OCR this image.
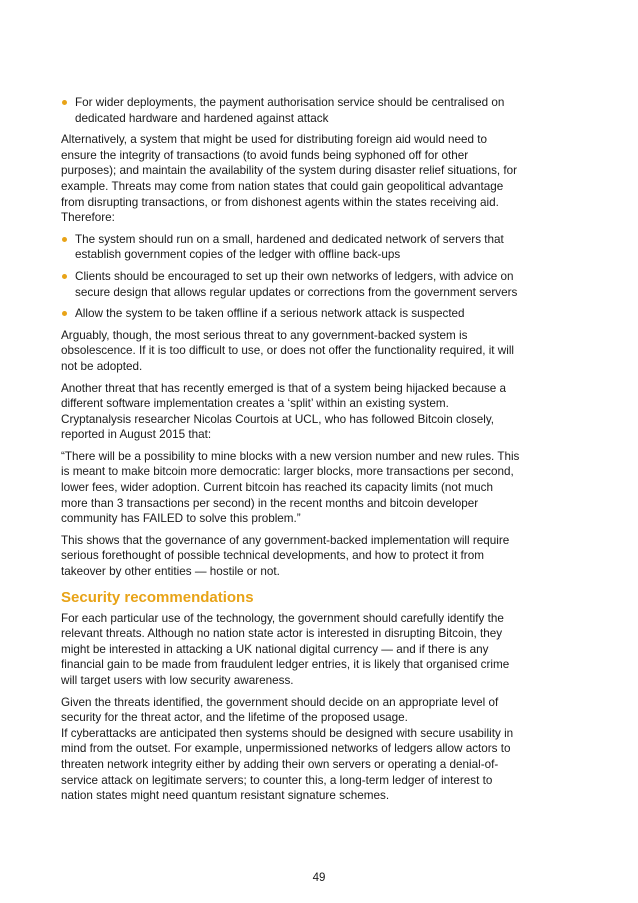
For wider deployments, the payment authorisation service should be centralised on dedicated hardware and hardened against attack

Alternatively, a system that might be used for distributing foreign aid would need to ensure the integrity of transactions (to avoid funds being syphoned off for other purposes); and maintain the availability of the system during disaster relief situations, for example. Threats may come from nation states that could gain geopolitical advantage from disrupting transactions, or from dishonest agents within the states receiving aid. Therefore:

The system should run on a small, hardened and dedicated network of servers that establish government copies of the ledger with offline back-ups
Clients should be encouraged to set up their own networks of ledgers, with advice on secure design that allows regular updates or corrections from the government servers
Allow the system to be taken offline if a serious network attack is suspected

Arguably, though, the most serious threat to any government-backed system is obsolescence. If it is too difficult to use, or does not offer the functionality required, it will not be adopted.

Another threat that has recently emerged is that of a system being hijacked because a different software implementation creates a ‘split’ within an existing system. Cryptanalysis researcher Nicolas Courtois at UCL, who has followed Bitcoin closely, reported in August 2015 that:

“There will be a possibility to mine blocks with a new version number and new rules. This is meant to make bitcoin more democratic: larger blocks, more transactions per second, lower fees, wider adoption. Current bitcoin has reached its capacity limits (not much more than 3 transactions per second) in the recent months and bitcoin developer community has FAILED to solve this problem.”

This shows that the governance of any government-backed implementation will require serious forethought of possible technical developments, and how to protect it from takeover by other entities — hostile or not.

Security recommendations

For each particular use of the technology, the government should carefully identify the relevant threats. Although no nation state actor is interested in disrupting Bitcoin, they might be interested in attacking a UK national digital currency — and if there is any financial gain to be made from fraudulent ledger entries, it is likely that organised crime will target users with low security awareness.

Given the threats identified, the government should decide on an appropriate level of security for the threat actor, and the lifetime of the proposed usage.

If cyberattacks are anticipated then systems should be designed with secure usability in mind from the outset. For example, unpermissioned networks of ledgers allow actors to threaten network integrity either by adding their own servers or operating a denial-of-service attack on legitimate servers; to counter this, a long-term ledger of interest to nation states might need quantum resistant signature schemes.

49
